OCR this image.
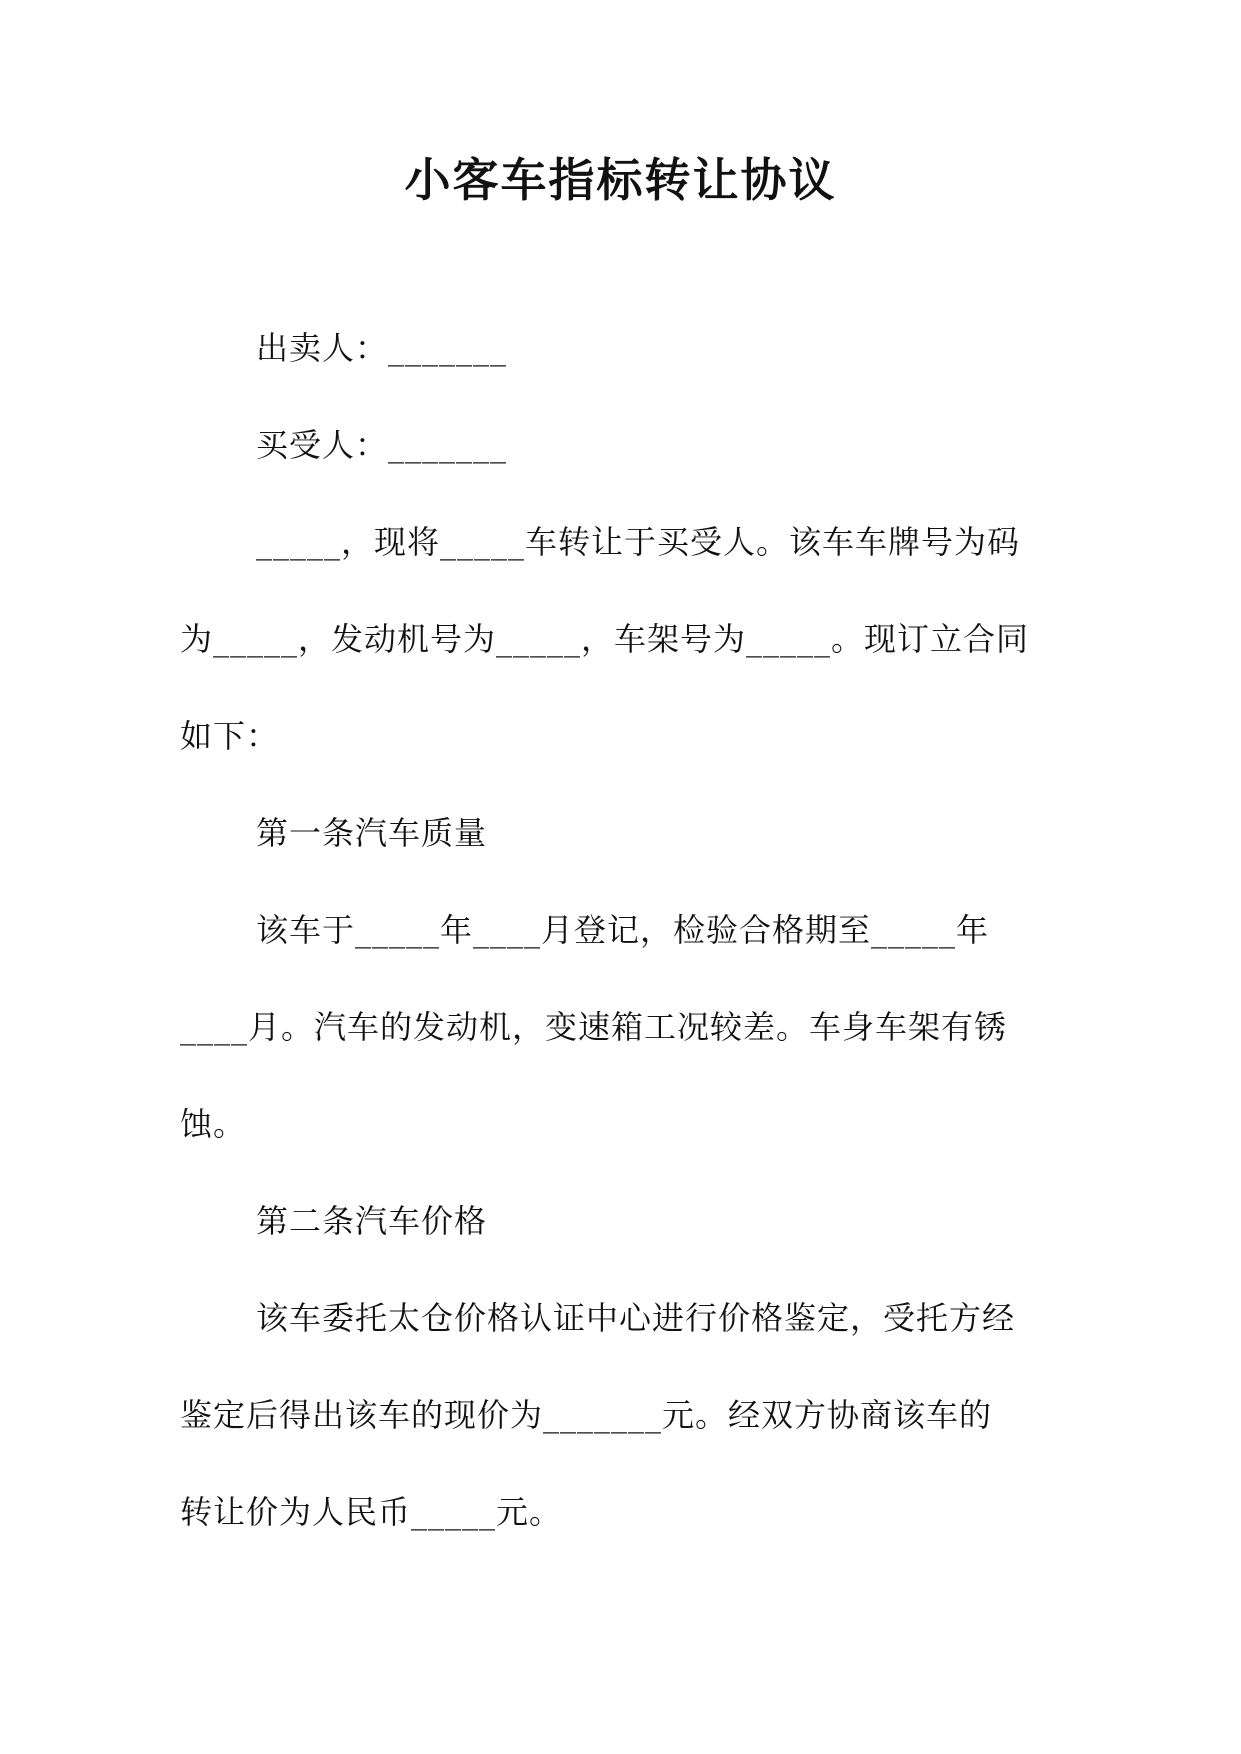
小客车指标转让协议

出卖人：_______

买受人：_______

_____，现将_____车转让于买受人。该车车牌号为码
为_____，发动机号为_____，车架号为_____。现订立合同
如下：

第一条汽车质量

该车于_____年____月登记，检验合格期至_____年
____月。汽车的发动机，变速箱工况较差。车身车架有锈
蚀。

第二条汽车价格

该车委托太仓价格认证中心进行价格鉴定，受托方经
鉴定后得出该车的现价为_______元。经双方协商该车的
转让价为人民币_____元。
